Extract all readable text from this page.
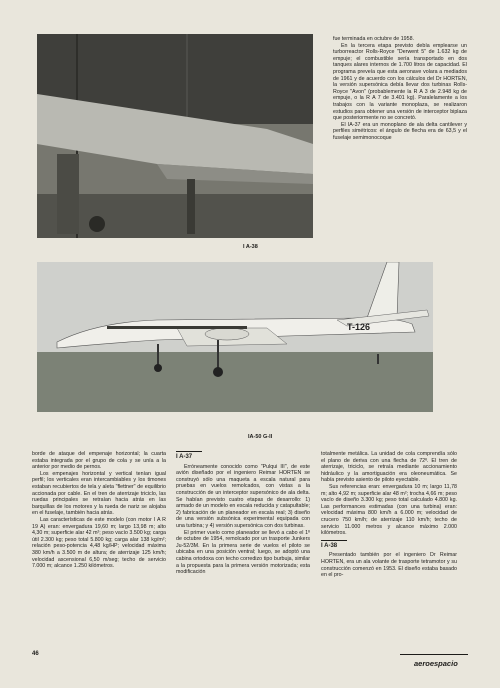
I A-38
T-126
IA-50 G-II

fue terminada en octubre de 1958.

En la tercera etapa previsto debía emplearse un turborreactor Rolls-Royce "Derwent 5" de 1.632 kg de empuje; el combustible sería transportado en dos tanques alares internos de 1.700 litros de capacidad. El programa preveía que esta aeronave volara a mediados de 1961 y de acuerdo con los cálculos del Dr HORTEN, la versión supersónica debía llevar dos turbinas Rolls-Royce "Avon" (probablemente la R A 3 de 2.948 kg de empuje, o la R A 7 de 3.401 kg). Paralelamente a los trabajos con la variante monoplaza, se realizaron estudios para obtener una versión de interceptor biplaza que posteriormente no se concretó.

El IA-37 era un monoplano de ala delta cantilever y perfiles simétricos: el ángulo de flecha era de 63,5 y el fuselaje semimonocoque

borde de ataque del empenaje horizontal; la cuarta estaba integrada por el grupo de cola y se unía a la anterior por medio de pernos.

Los empenajes horizontal y vertical tenían igual perfil; los verticales eran intercambiables y los timones estaban recubiertos de tela y aleta "flettner" de equilibrio accionada por cable. En el tren de aterrizaje triciclo, las ruedas principales se retraían hacia atrás en las barquillas de los motores y la rueda de nariz se alojaba en el fuselaje, también hacia atrás.

Las características de este modelo (con motor I A R 19 A) eran: envergadura 19,60 m; largo 13,98 m; alto 4,30 m; superficie alar 42 m²; peso vacío 3.500 kg; carga útil 2.300 kg; peso total 5.800 kg; carga alar 138 kg/m²; relación peso-potencia 4,48 kg/HP; velocidad máxima 380 km/h a 3.500 m de altura; de aterrizaje 125 km/h; velocidad ascensional 6,50 m/seg; techo de servicio 7.000 m; alcance 1.250 kilómetros.

I A-37

Erróneamente conocido como "Pulqui III", de este avión diseñado por el ingeniero Reimar HORTEN se construyó sólo una maqueta a escala natural para pruebas en vuelos remolcados, con vistas a la construcción de un interceptor supersónico de ala delta. Se habían previsto cuatro etapas de desarrollo: 1) armado de un modelo en escala reducida y catapultable; 2) fabricación de un planeador en escala real; 3) diseño de una versión subsónica experimental equipada con una turbina; y 4) versión supersónica con dos turbinas.

El primer vuelo como planeador se llevó a cabo el 1º de octubre de 1954, remolcado por un trasporte Junkers Ju-52/3M. En la primera serie de vuelos el piloto se ubicaba en una posición ventral; luego, se adoptó una cabina ortodoxa con techo corredizo tipo burbuja, similar a la propuesta para la primera versión motorizada; esta modificación

totalmente metálica. La unidad de cola comprendía sólo el plano de deriva con una flecha de 72º. El tren de aterrizaje, triciclo, se retraía mediante accionamiento hidráulico y la amortiguación era oleoneumática. Se había previsto asiento de piloto eyectable.

Sus referencias eran: envergadura 10 m; largo 11,78 m; alto 4,92 m; superficie alar 48 m²; trocha 4,66 m; peso vacío de diseño 3.300 kg; peso total calculado 4.800 kg. Las performances estimadas (con una turbina) eran: velocidad máxima 800 km/h a 6.000 m; velocidad de crucero 750 km/h; de aterrizaje 110 km/h; techo de servicio 11.000 metros y alcance máximo 2.000 kilómetros.

I A-38

Presentado también por el ingeniero Dr Reimar HORTEN, era un ala volante de trasporte tetramotor y su construcción comenzó en 1953. El diseño estaba basado en el pro-

46
aeroespacio
